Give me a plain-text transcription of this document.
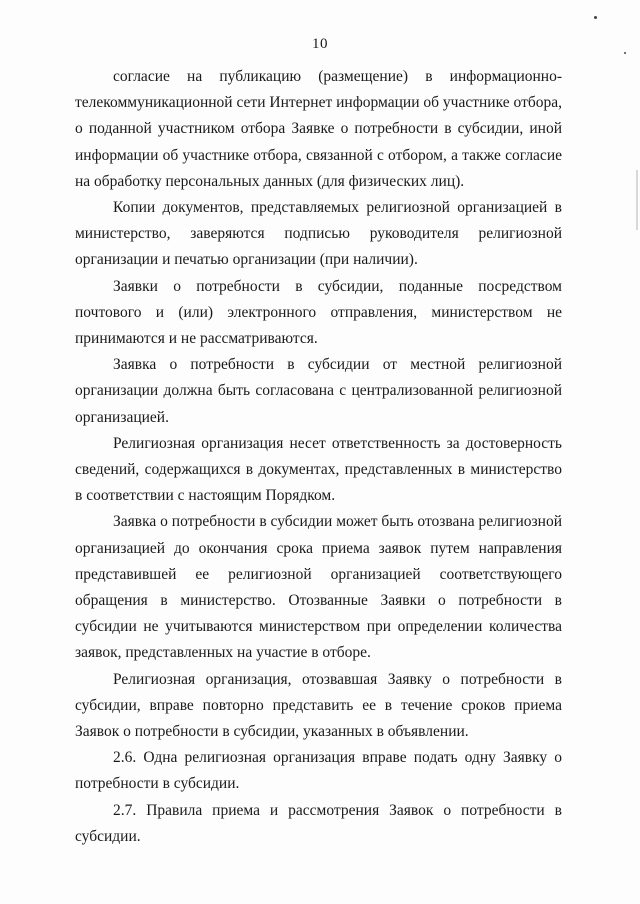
10

согласие на публикацию (размещение) в информационно-телекоммуникационной сети Интернет информации об участнике отбора, о поданной участником отбора Заявке о потребности в субсидии, иной информации об участнике отбора, связанной с отбором, а также согласие на обработку персональных данных (для физических лиц).

Копии документов, представляемых религиозной организацией в министерство, заверяются подписью руководителя религиозной организации и печатью организации (при наличии).

Заявки о потребности в субсидии, поданные посредством почтового и (или) электронного отправления, министерством не принимаются и не рассматриваются.

Заявка о потребности в субсидии от местной религиозной организации должна быть согласована с централизованной религиозной организацией.

Религиозная организация несет ответственность за достоверность сведений, содержащихся в документах, представленных в министерство в соответствии с настоящим Порядком.

Заявка о потребности в субсидии может быть отозвана религиозной организацией до окончания срока приема заявок путем направления представившей ее религиозной организацией соответствующего обращения в министерство. Отозванные Заявки о потребности в субсидии не учитываются министерством при определении количества заявок, представленных на участие в отборе.

Религиозная организация, отозвавшая Заявку о потребности в субсидии, вправе повторно представить ее в течение сроков приема Заявок о потребности в субсидии, указанных в объявлении.

2.6. Одна религиозная организация вправе подать одну Заявку о потребности в субсидии.

2.7. Правила приема и рассмотрения Заявок о потребности в субсидии.
